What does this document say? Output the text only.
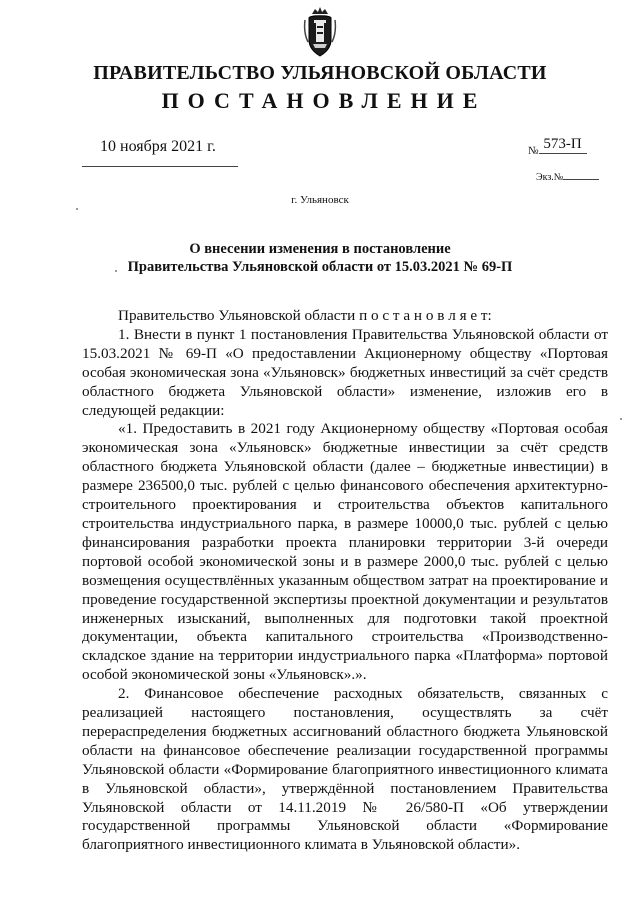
ПРАВИТЕЛЬСТВО УЛЬЯНОВСКОЙ ОБЛАСТИ
ПОСТАНОВЛЕНИЕ
10 ноября 2021 г.	$_№$ 573-П
Экз.№
г. Ульяновск
О внесении изменения в постановление
Правительства Ульяновской области от 15.03.2021 № 69-П

Правительство Ульяновской области п о с т а н о в л я е т:

1. Внести в пункт 1 постановления Правительства Ульяновской области от 15.03.2021 № 69-П «О предоставлении Акционерному обществу «Портовая особая экономическая зона «Ульяновск» бюджетных инвестиций за счёт средств областного бюджета Ульяновской области» изменение, изложив его в следующей редакции:

«1. Предоставить в 2021 году Акционерному обществу «Портовая особая экономическая зона «Ульяновск» бюджетные инвестиции за счёт средств областного бюджета Ульяновской области (далее – бюджетные инвестиции) в размере 236500,0 тыс. рублей с целью финансового обеспечения архитектурно-строительного проектирования и строительства объектов капитального строительства индустриального парка, в размере 10000,0 тыс. рублей с целью финансирования разработки проекта планировки территории 3-й очереди портовой особой экономической зоны и в размере 2000,0 тыс. рублей с целью возмещения осуществлённых указанным обществом затрат на проектирование и проведение государственной экспертизы проектной документации и результатов инженерных изысканий, выполненных для подготовки такой проектной документации, объекта капитального строительства «Производственно-складское здание на территории индустриального парка «Платформа» портовой особой экономической зоны «Ульяновск».».

2. Финансовое обеспечение расходных обязательств, связанных с реализацией настоящего постановления, осуществлять за счёт перераспределения бюджетных ассигнований областного бюджета Ульяновской области на финансовое обеспечение реализации государственной программы Ульяновской области «Формирование благоприятного инвестиционного климата в Ульяновской области», утверждённой постановлением Правительства Ульяновской области от 14.11.2019 № 26/580-П «Об утверждении государственной программы Ульяновской области «Формирование благоприятного инвестиционного климата в Ульяновской области».
